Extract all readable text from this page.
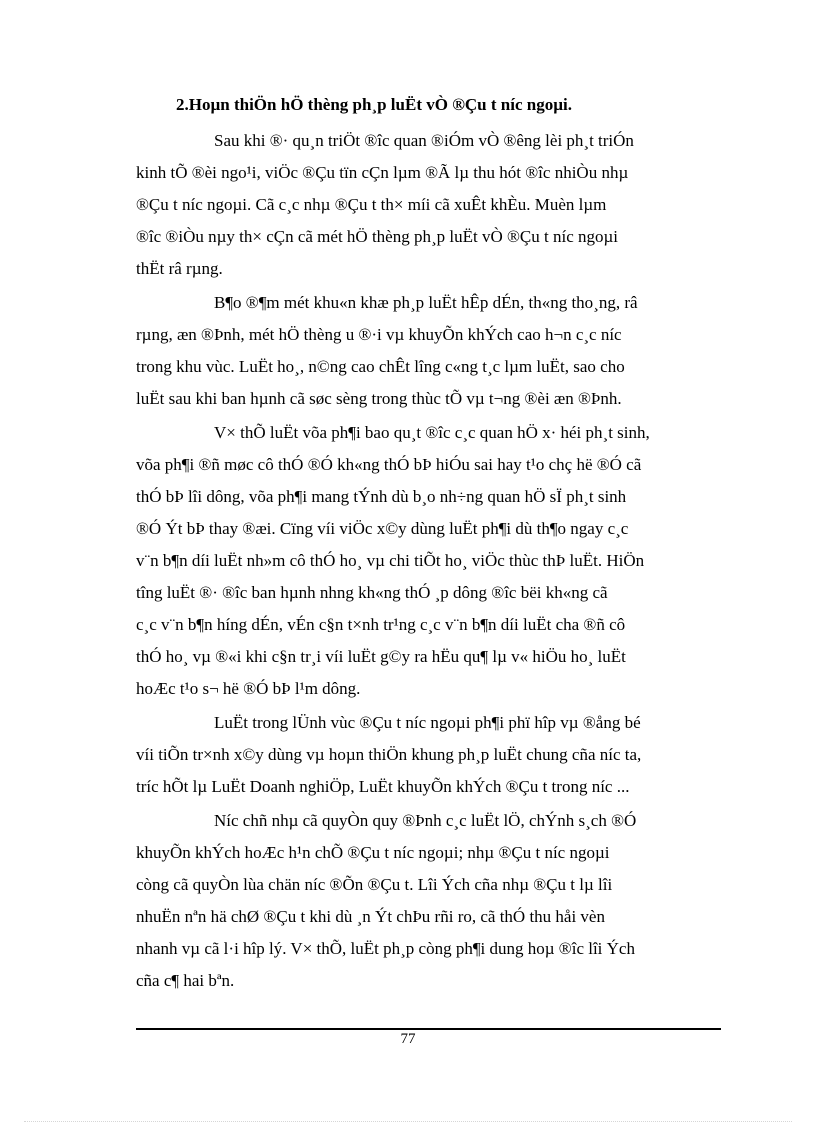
2.Hoµn thiÖn hÖ thèng ph¸p luËt vÒ ®Çu t níc ngoµi.

Sau khi ®· qu¸n triÖt ®îc quan ®iÓm vÒ ®êng lèi ph¸t triÓn

kinh tÕ ®èi ngo¹i, viÖc ®Çu tïn cÇn lµm ®Ã lµ thu hót ®îc nhiÒu nhµ

®Çu t níc ngoµi. Cã c¸c nhµ ®Çu t th× míi cã xuÊt khÈu. Muèn lµm

®îc ®iÒu nµy th× cÇn cã mét hÖ thèng ph¸p luËt vÒ ®Çu t níc ngoµi

thËt râ rµng.

B¶o ®¶m mét khu«n khæ ph¸p luËt hÊp dÉn, th«ng tho¸ng, râ

rµng, æn ®Þnh, mét hÖ thèng u ®·i vµ khuyÕn khÝch cao h¬n c¸c níc

trong khu vùc. LuËt ho¸, n©ng cao chÊt lîng c«ng t¸c lµm luËt, sao cho

luËt sau khi ban hµnh cã søc sèng trong thùc tÕ vµ t¬ng ®èi æn ®Þnh.

V× thÕ luËt võa ph¶i bao qu¸t ®îc c¸c quan hÖ x· héi ph¸t sinh,

võa ph¶i ®ñ møc cô thÓ ®Ó kh«ng thÓ bÞ hiÓu sai hay t¹o chç hë ®Ó cã

thÓ bÞ lîi dông, võa ph¶i mang tÝnh dù b¸o nh÷ng quan hÖ sÏ ph¸t sinh

®Ó Ýt bÞ thay ®æi. Cïng víi viÖc x©y dùng luËt ph¶i dù th¶o ngay c¸c

v¨n b¶n díi luËt nh»m cô thÓ ho¸ vµ chi tiÕt ho¸ viÖc thùc thÞ luËt. HiÖn

tîng luËt ®· ®îc ban hµnh nhng kh«ng thÓ ¸p dông ®îc bëi kh«ng cã

c¸c v¨n b¶n híng dÉn, vÉn c§n t×nh tr¹ng c¸c v¨n b¶n díi luËt cha ®ñ cô

thÓ ho¸ vµ ®«i khi c§n tr¸i víi luËt g©y ra hËu qu¶ lµ v« hiÖu ho¸ luËt

hoÆc t¹o s¬ hë ®Ó bÞ l¹m dông.

LuËt trong lÜnh vùc ®Çu t níc ngoµi ph¶i phï hîp vµ ®ång bé

víi tiÕn tr×nh x©y dùng vµ hoµn thiÖn khung ph¸p luËt chung cña níc ta,

tríc hÕt lµ LuËt Doanh nghiÖp, LuËt khuyÕn khÝch ®Çu t trong níc ...

Níc chñ nhµ cã quyÒn quy ®Þnh c¸c luËt lÖ, chÝnh s¸ch ®Ó

khuyÕn khÝch hoÆc h¹n chÕ ®Çu t níc ngoµi; nhµ ®Çu t níc ngoµi

còng cã quyÒn lùa chän níc ®Õn ®Çu t. Lîi Ých cña nhµ ®Çu t lµ lîi

nhuËn nªn hä chØ ®Çu t khi dù ¸n Ýt chÞu rñi ro, cã thÓ thu håi vèn

nhanh vµ cã l·i hîp lý. V× thÕ, luËt ph¸p còng ph¶i dung hoµ ®îc lîi Ých

cña c¶ hai bªn.

77
